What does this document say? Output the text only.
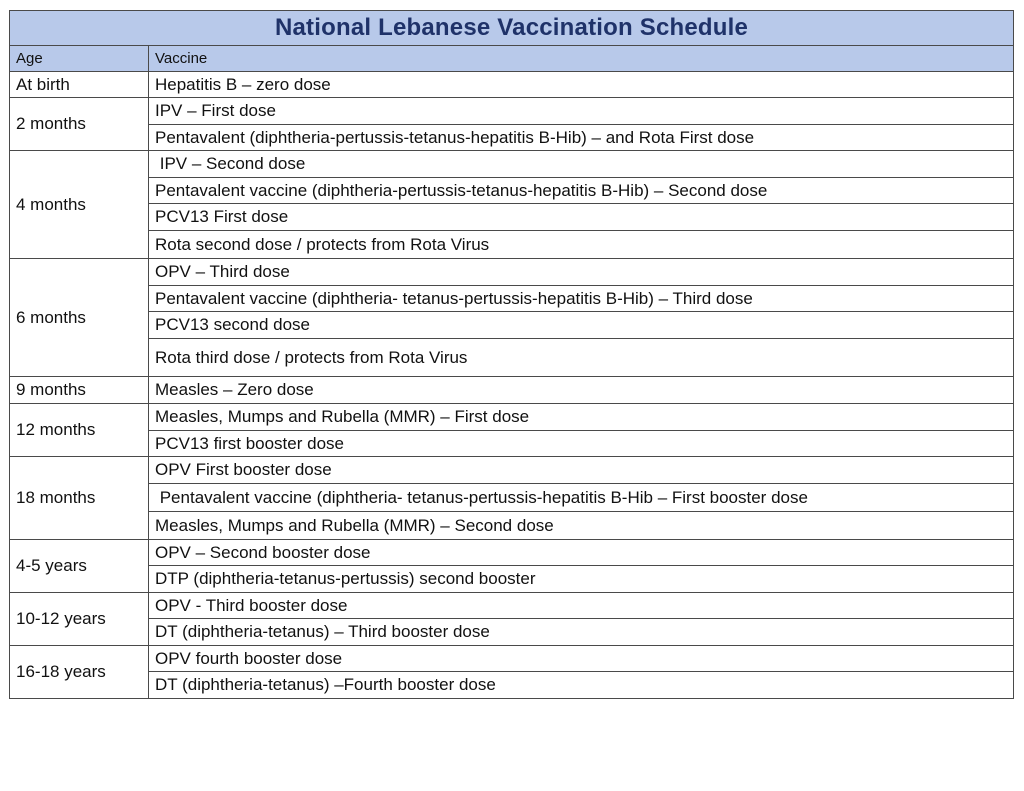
National Lebanese Vaccination Schedule	
Age	Vaccine
At birth	Hepatitis B – zero dose
2 months	IPV – First dose
	Pentavalent (diphtheria-pertussis-tetanus-hepatitis B-Hib) – and Rota First dose
4 months	IPV – Second dose
	Pentavalent vaccine (diphtheria-pertussis-tetanus-hepatitis B-Hib) – Second dose
	PCV13 First dose
	Rota second dose / protects from Rota Virus
6 months	OPV – Third dose
	Pentavalent vaccine (diphtheria- tetanus-pertussis-hepatitis B-Hib) – Third dose
	PCV13 second dose
	Rota third dose / protects from Rota Virus
9 months	Measles – Zero dose
12 months	Measles, Mumps and Rubella (MMR) – First dose
	PCV13 first booster dose
18 months	OPV First booster dose
	Pentavalent vaccine (diphtheria- tetanus-pertussis-hepatitis B-Hib – First booster dose
	Measles, Mumps and Rubella (MMR) – Second dose
4-5 years	OPV – Second booster dose
	DTP (diphtheria-tetanus-pertussis) second booster
10-12 years	OPV - Third booster dose
	DT (diphtheria-tetanus) – Third booster dose
16-18 years	OPV fourth booster dose
	DT (diphtheria-tetanus) –Fourth booster dose
